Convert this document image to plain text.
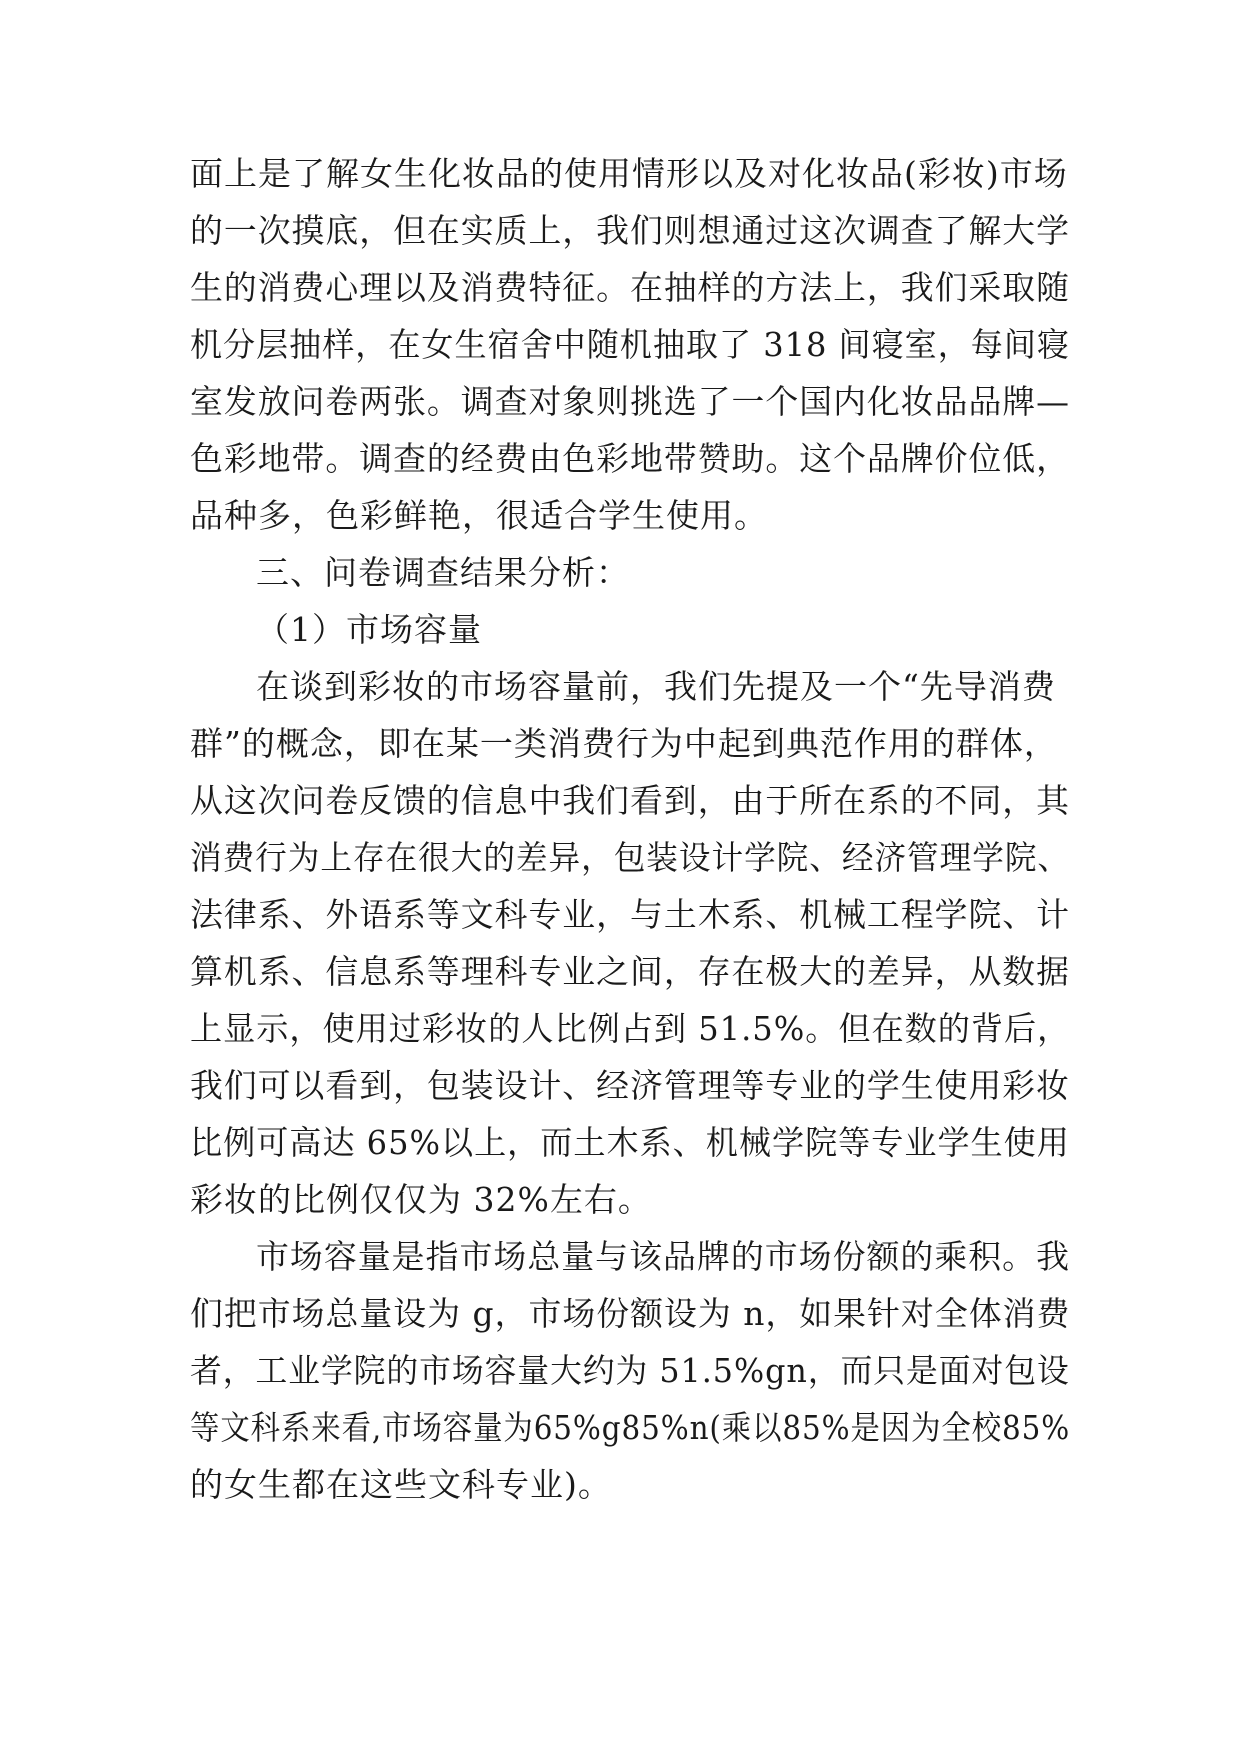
面上是了解女生化妆品的使用情形以及对化妆品(彩妆)市场
的一次摸底，但在实质上，我们则想通过这次调查了解大学
生的消费心理以及消费特征。在抽样的方法上，我们采取随
机分层抽样，在女生宿舍中随机抽取了 318 间寝室，每间寝
室发放问卷两张。调查对象则挑选了一个国内化妆品品牌—
色彩地带。调查的经费由色彩地带赞助。这个品牌价位低，
品种多，色彩鲜艳，很适合学生使用。
三、问卷调查结果分析：
（1）市场容量
在谈到彩妆的市场容量前，我们先提及一个“先导消费
群”的概念，即在某一类消费行为中起到典范作用的群体，
从这次问卷反馈的信息中我们看到，由于所在系的不同，其
消费行为上存在很大的差异，包装设计学院、经济管理学院、
法律系、外语系等文科专业，与土木系、机械工程学院、计
算机系、信息系等理科专业之间，存在极大的差异，从数据
上显示，使用过彩妆的人比例占到 51.5%。但在数的背后，
我们可以看到，包装设计、经济管理等专业的学生使用彩妆
比例可高达 65%以上，而土木系、机械学院等专业学生使用
彩妆的比例仅仅为 32%左右。
市场容量是指市场总量与该品牌的市场份额的乘积。我
们把市场总量设为 g，市场份额设为 n，如果针对全体消费
者，工业学院的市场容量大约为 51.5%gn，而只是面对包设
等文科系来看,市场容量为65%g85%n(乘以85%是因为全校85%
的女生都在这些文科专业)。
